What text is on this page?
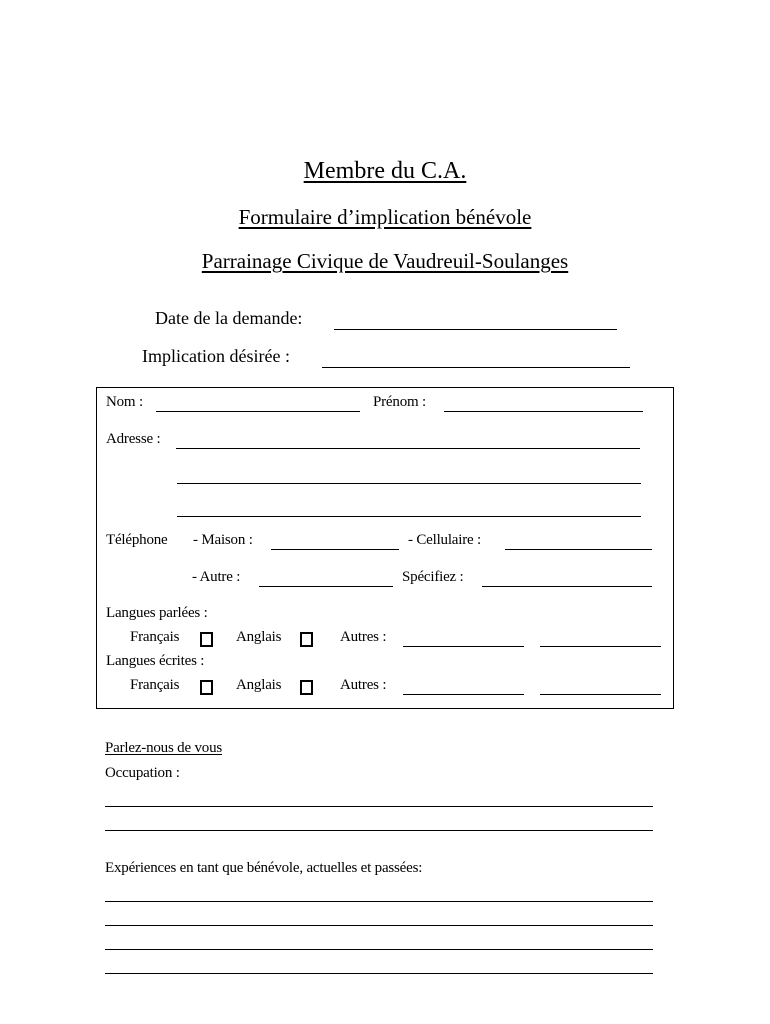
Membre du C.A.
Formulaire d’implication bénévole
Parrainage Civique de Vaudreuil-Soulanges
Date de la demande:
Implication désirée :
Nom :	Prénom :
Adresse :
Téléphone - Maison :	- Cellulaire :
- Autre :	Spécifiez :
Langues parlées :
Français	Anglais	Autres :
Langues écrites :
Français	Anglais	Autres :
Parlez-nous de vous
Occupation :
Expériences en tant que bénévole, actuelles et passées:
